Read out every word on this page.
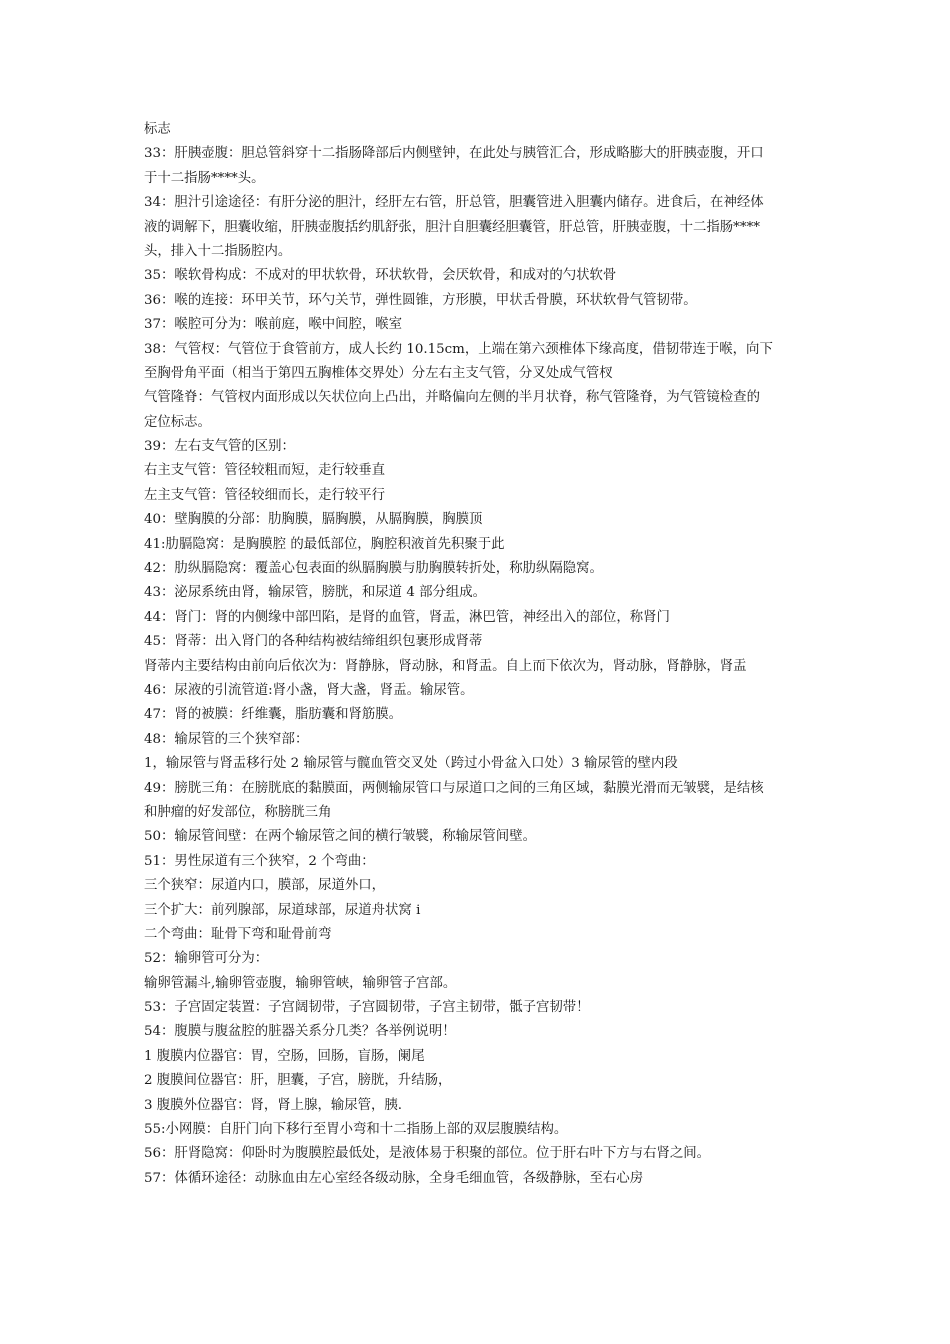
标志
33：肝胰壶腹：胆总管斜穿十二指肠降部后内侧壁钟，在此处与胰管汇合，形成略膨大的肝胰壶腹，开口
于十二指肠****头。
34：胆汁引途途径：有肝分泌的胆汁，经肝左右管，肝总管，胆囊管进入胆囊内储存。进食后，在神经体
液的调解下，胆囊收缩，肝胰壶腹括约肌舒张，胆汁自胆囊经胆囊管，肝总管，肝胰壶腹，十二指肠****
头，排入十二指肠腔内。
35：喉软骨构成：不成对的甲状软骨，环状软骨，会厌软骨，和成对的勺状软骨
36：喉的连接：环甲关节，环勺关节，弹性圆锥，方形膜，甲状舌骨膜，环状软骨气管韧带。
37：喉腔可分为：喉前庭，喉中间腔，喉室
38：气管杈：气管位于食管前方，成人长约 10.15cm，上端在第六颈椎体下缘高度，借韧带连于喉，向下
至胸骨角平面（相当于第四五胸椎体交界处）分左右主支气管，分叉处成气管杈
气管隆脊：气管杈内面形成以矢状位向上凸出，并略偏向左侧的半月状脊，称气管隆脊，为气管镜检查的
定位标志。
39：左右支气管的区别：
右主支气管：管径较粗而短，走行较垂直
左主支气管：管径较细而长，走行较平行
40：壁胸膜的分部：肋胸膜，膈胸膜，从膈胸膜，胸膜顶
41:肋膈隐窝：是胸膜腔 的最低部位，胸腔积液首先积聚于此
42：肋纵膈隐窝：覆盖心包表面的纵膈胸膜与肋胸膜转折处，称肋纵隔隐窝。
43：泌尿系统由肾，输尿管，膀胱，和尿道 4 部分组成。
44：肾门：肾的内侧缘中部凹陷，是肾的血管，肾盂，淋巴管，神经出入的部位，称肾门
45：肾蒂：出入肾门的各种结构被结缔组织包裹形成肾蒂
肾蒂内主要结构由前向后依次为：肾静脉，肾动脉，和肾盂。自上而下依次为，肾动脉，肾静脉，肾盂
46：尿液的引流管道:肾小盏，肾大盏，肾盂。输尿管。
47：肾的被膜：纤维囊，脂肪囊和肾筋膜。
48：输尿管的三个狭窄部：
1，输尿管与肾盂移行处 2 输尿管与髋血管交叉处（跨过小骨盆入口处）3 输尿管的壁内段
49：膀胱三角：在膀胱底的黏膜面，两侧输尿管口与尿道口之间的三角区域，黏膜光滑而无皱襞，是结核
和肿瘤的好发部位，称膀胱三角
50：输尿管间壁：在两个输尿管之间的横行皱襞，称输尿管间壁。
51：男性尿道有三个狭窄，2 个弯曲：
三个狭窄：尿道内口，膜部，尿道外口，
三个扩大：前列腺部，尿道球部，尿道舟状窝 i
二个弯曲：耻骨下弯和耻骨前弯
52：输卵管可分为：
输卵管漏斗,输卵管壶腹，输卵管峡，输卵管子宫部。
53：子宫固定装置：子宫阔韧带，子宫圆韧带，子宫主韧带，骶子宫韧带！
54：腹膜与腹盆腔的脏器关系分几类？各举例说明！
1 腹膜内位器官：胃，空肠，回肠，盲肠，阑尾
2 腹膜间位器官：肝，胆囊，子宫，膀胱，升结肠，
3 腹膜外位器官：肾，肾上腺，输尿管，胰.
55:小网膜：自肝门向下移行至胃小弯和十二指肠上部的双层腹膜结构。
56：肝肾隐窝：仰卧时为腹膜腔最低处，是液体易于积聚的部位。位于肝右叶下方与右肾之间。
57：体循环途径：动脉血由左心室经各级动脉，全身毛细血管，各级静脉，至右心房
